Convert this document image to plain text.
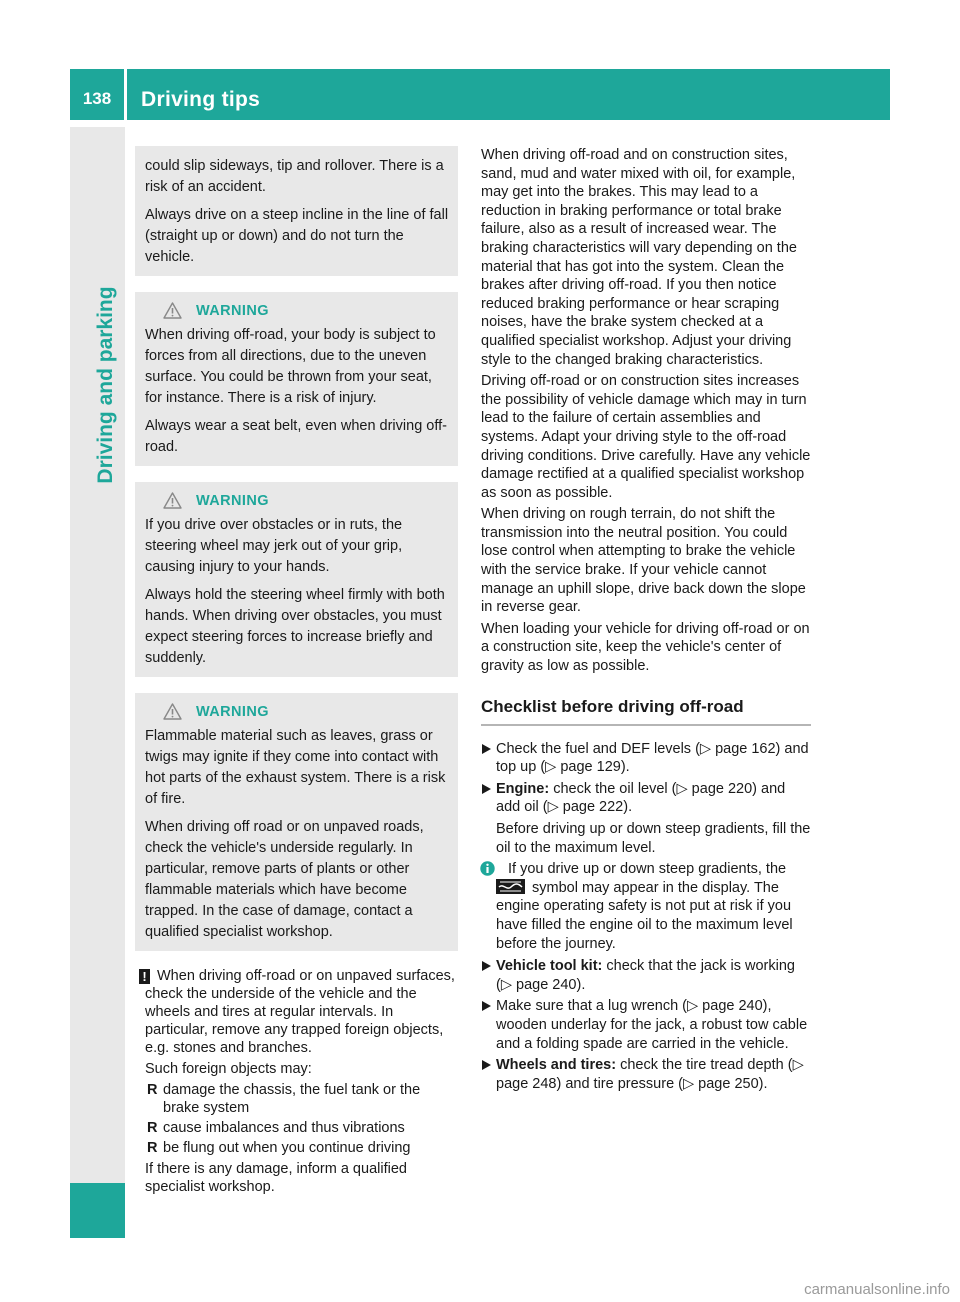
138	Driving tips
Driving and parking

could slip sideways, tip and rollover. There is a risk of an accident.

Always drive on a steep incline in the line of fall (straight up or down) and do not turn the vehicle.

WARNING

When driving off-road, your body is subject to forces from all directions, due to the uneven surface. You could be thrown from your seat, for instance. There is a risk of injury.

Always wear a seat belt, even when driving off-road.

WARNING

If you drive over obstacles or in ruts, the steering wheel may jerk out of your grip, causing injury to your hands.

Always hold the steering wheel firmly with both hands. When driving over obstacles, you must expect steering forces to increase briefly and suddenly.

WARNING

Flammable material such as leaves, grass or twigs may ignite if they come into contact with hot parts of the exhaust system. There is a risk of fire.

When driving off road or on unpaved roads, check the vehicle's underside regularly. In particular, remove parts of plants or other flammable materials which have become trapped. In the case of damage, contact a qualified specialist workshop.

! When driving off-road or on unpaved surfaces, check the underside of the vehicle and the wheels and tires at regular intervals. In particular, remove any trapped foreign objects, e.g. stones and branches.

Such foreign objects may:

R damage the chassis, the fuel tank or the brake system
R cause imbalances and thus vibrations
R be flung out when you continue driving

If there is any damage, inform a qualified specialist workshop.

When driving off-road and on construction sites, sand, mud and water mixed with oil, for example, may get into the brakes. This may lead to a reduction in braking performance or total brake failure, also as a result of increased wear. The braking characteristics will vary depending on the material that has got into the system. Clean the brakes after driving off-road. If you then notice reduced braking performance or hear scraping noises, have the brake system checked at a qualified specialist workshop. Adjust your driving style to the changed braking characteristics.

Driving off-road or on construction sites increases the possibility of vehicle damage which may in turn lead to the failure of certain assemblies and systems. Adapt your driving style to the off-road driving conditions. Drive carefully. Have any vehicle damage rectified at a qualified specialist workshop as soon as possible.

When driving on rough terrain, do not shift the transmission into the neutral position. You could lose control when attempting to brake the vehicle with the service brake. If your vehicle cannot manage an uphill slope, drive back down the slope in reverse gear.

When loading your vehicle for driving off-road or on a construction site, keep the vehicle's center of gravity as low as possible.

Checklist before driving off-road
Check the fuel and DEF levels (▷ page 162) and top up (▷ page 129).
Engine: check the oil level (▷ page 220) and add oil (▷ page 222).
Before driving up or down steep gradients, fill the oil to the maximum level.
If you drive up or down steep gradients, the
symbol may appear in the display. The engine operating safety is not put at risk if you have filled the engine oil to the maximum level before the journey.
Vehicle tool kit: check that the jack is working (▷ page 240).
Make sure that a lug wrench (▷ page 240), wooden underlay for the jack, a robust tow cable and a folding spade are carried in the vehicle.
Wheels and tires: check the tire tread depth (▷ page 248) and tire pressure (▷ page 250).
carmanualsonline.info
